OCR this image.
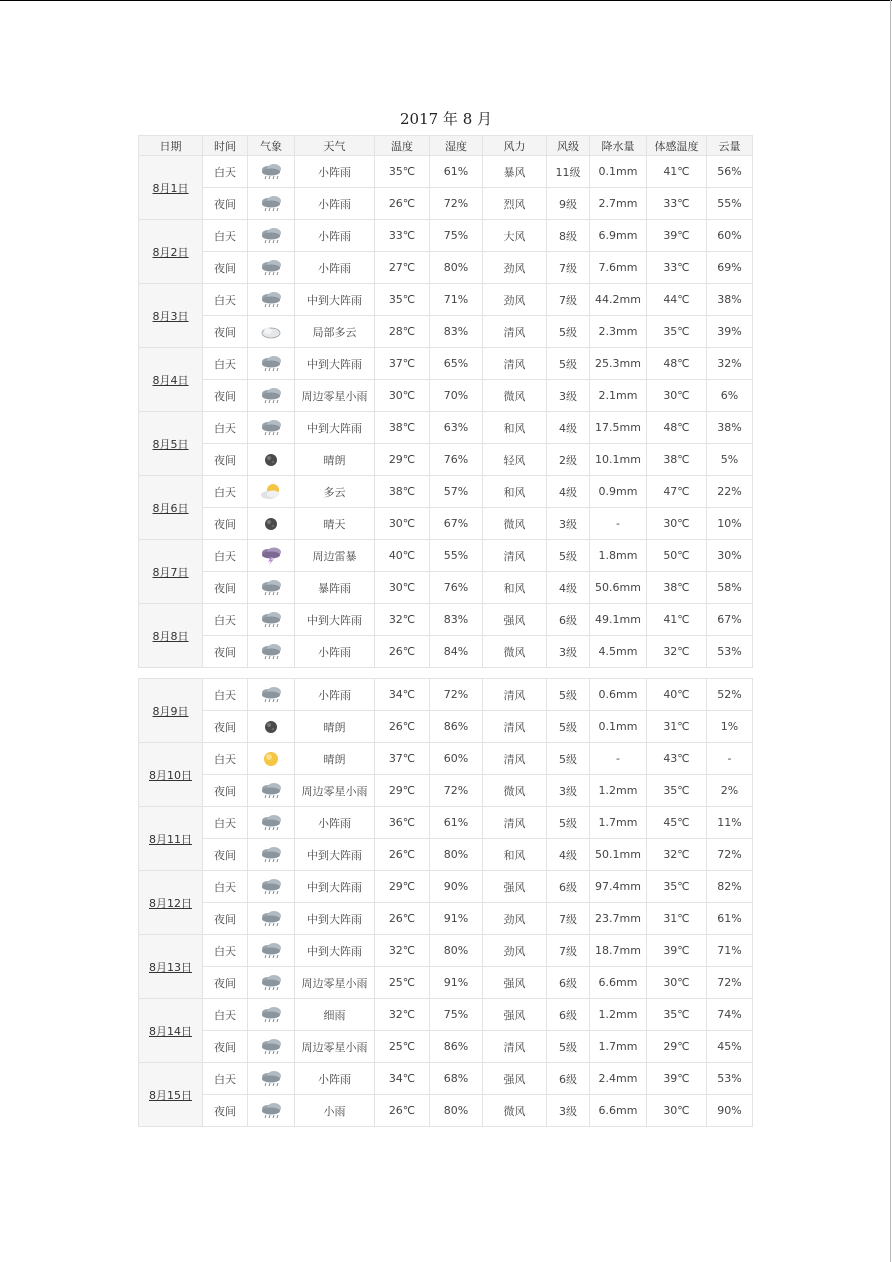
2017 年 8 月
日期	时间	气象	天气	温度	湿度	风力	风级	降水量	体感温度	云量
8月1日	白天		小阵雨	35℃	61%	暴风	11级	0.1mm	41℃	56%
	夜间		小阵雨	26℃	72%	烈风	9级	2.7mm	33℃	55%
8月2日	白天		小阵雨	33℃	75%	大风	8级	6.9mm	39℃	60%
	夜间		小阵雨	27℃	80%	劲风	7级	7.6mm	33℃	69%
8月3日	白天		中到大阵雨	35℃	71%	劲风	7级	44.2mm	44℃	38%
	夜间		局部多云	28℃	83%	清风	5级	2.3mm	35℃	39%
8月4日	白天		中到大阵雨	37℃	65%	清风	5级	25.3mm	48℃	32%
	夜间		周边零星小雨	30℃	70%	微风	3级	2.1mm	30℃	6%
8月5日	白天		中到大阵雨	38℃	63%	和风	4级	17.5mm	48℃	38%
	夜间		晴朗	29℃	76%	轻风	2级	10.1mm	38℃	5%
8月6日	白天		多云	38℃	57%	和风	4级	0.9mm	47℃	22%
	夜间		晴天	30℃	67%	微风	3级	-	30℃	10%
8月7日	白天		周边雷暴	40℃	55%	清风	5级	1.8mm	50℃	30%
	夜间		暴阵雨	30℃	76%	和风	4级	50.6mm	38℃	58%
8月8日	白天		中到大阵雨	32℃	83%	强风	6级	49.1mm	41℃	67%
	夜间		小阵雨	26℃	84%	微风	3级	4.5mm	32℃	53%
8月9日	白天		小阵雨	34℃	72%	清风	5级	0.6mm	40℃	52%
	夜间		晴朗	26℃	86%	清风	5级	0.1mm	31℃	1%
8月10日	白天		晴朗	37℃	60%	清风	5级	-	43℃	-
	夜间		周边零星小雨	29℃	72%	微风	3级	1.2mm	35℃	2%
8月11日	白天		小阵雨	36℃	61%	清风	5级	1.7mm	45℃	11%
	夜间		中到大阵雨	26℃	80%	和风	4级	50.1mm	32℃	72%
8月12日	白天		中到大阵雨	29℃	90%	强风	6级	97.4mm	35℃	82%
	夜间		中到大阵雨	26℃	91%	劲风	7级	23.7mm	31℃	61%
8月13日	白天		中到大阵雨	32℃	80%	劲风	7级	18.7mm	39℃	71%
	夜间		周边零星小雨	25℃	91%	强风	6级	6.6mm	30℃	72%
8月14日	白天		细雨	32℃	75%	强风	6级	1.2mm	35℃	74%
	夜间		周边零星小雨	25℃	86%	清风	5级	1.7mm	29℃	45%
8月15日	白天		小阵雨	34℃	68%	强风	6级	2.4mm	39℃	53%
	夜间		小雨	26℃	80%	微风	3级	6.6mm	30℃	90%
